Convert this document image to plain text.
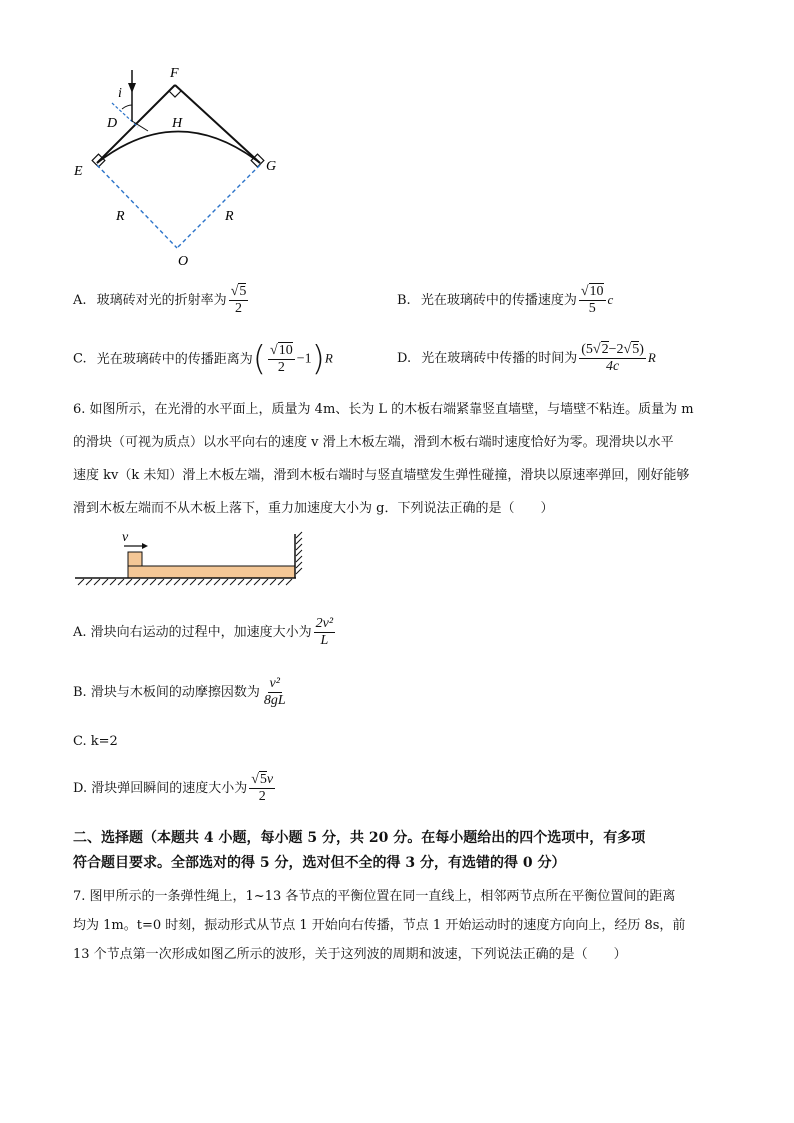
F
i
D	H
E	G
R	R
O
A. 玻璃砖对光的折射率为 $\frac{√5}{2}$	B. 光在玻璃砖中的传播速度为 $\frac{√10}{5}$ c
C. 光在玻璃砖中的传播距离为( $\frac{√10}{2} -1)R$	D. 光在玻璃砖中传播的时间为 $\frac{(5√2-2√5)}{4c}$ R
6. 如图所示，在光滑的水平面上，质量为 4m、长为 L 的木板右端紧靠竖直墙壁，与墙壁不粘连。质量为 m
的滑块（可视为质点）以水平向右的速度 v 滑上木板左端，滑到木板右端时速度恰好为零。现滑块以水平
速度 kv（k 未知）滑上木板左端，滑到木板右端时与竖直墙壁发生弹性碰撞，滑块以原速率弹回，刚好能够
滑到木板左端而不从木板上落下，重力加速度大小为 g．下列说法正确的是（　　）
v
A. 滑块向右运动的过程中，加速度大小为 $\frac{\text{2v²}}{L}$
B. 滑块与木板间的动摩擦因数为 $\frac{\text{v²}}{8gL}$
C. k=2
D. 滑块弹回瞬间的速度大小为 $\frac{√5v}{2}$
二、选择题（本题共 4 小题，每小题 5 分，共 20 分。在每小题给出的四个选项中，有多项
符合题目要求。全部选对的得 5 分，选对但不全的得 3 分，有选错的得 0 分）
7. 图甲所示的一条弹性绳上，1~13 各节点的平衡位置在同一直线上，相邻两节点所在平衡位置间的距离
均为 1m。t=0 时刻，振动形式从节点 1 开始向右传播，节点 1 开始运动时的速度方向向上，经历 8s，前
13 个节点第一次形成如图乙所示的波形，关于这列波的周期和波速，下列说法正确的是（　　）
